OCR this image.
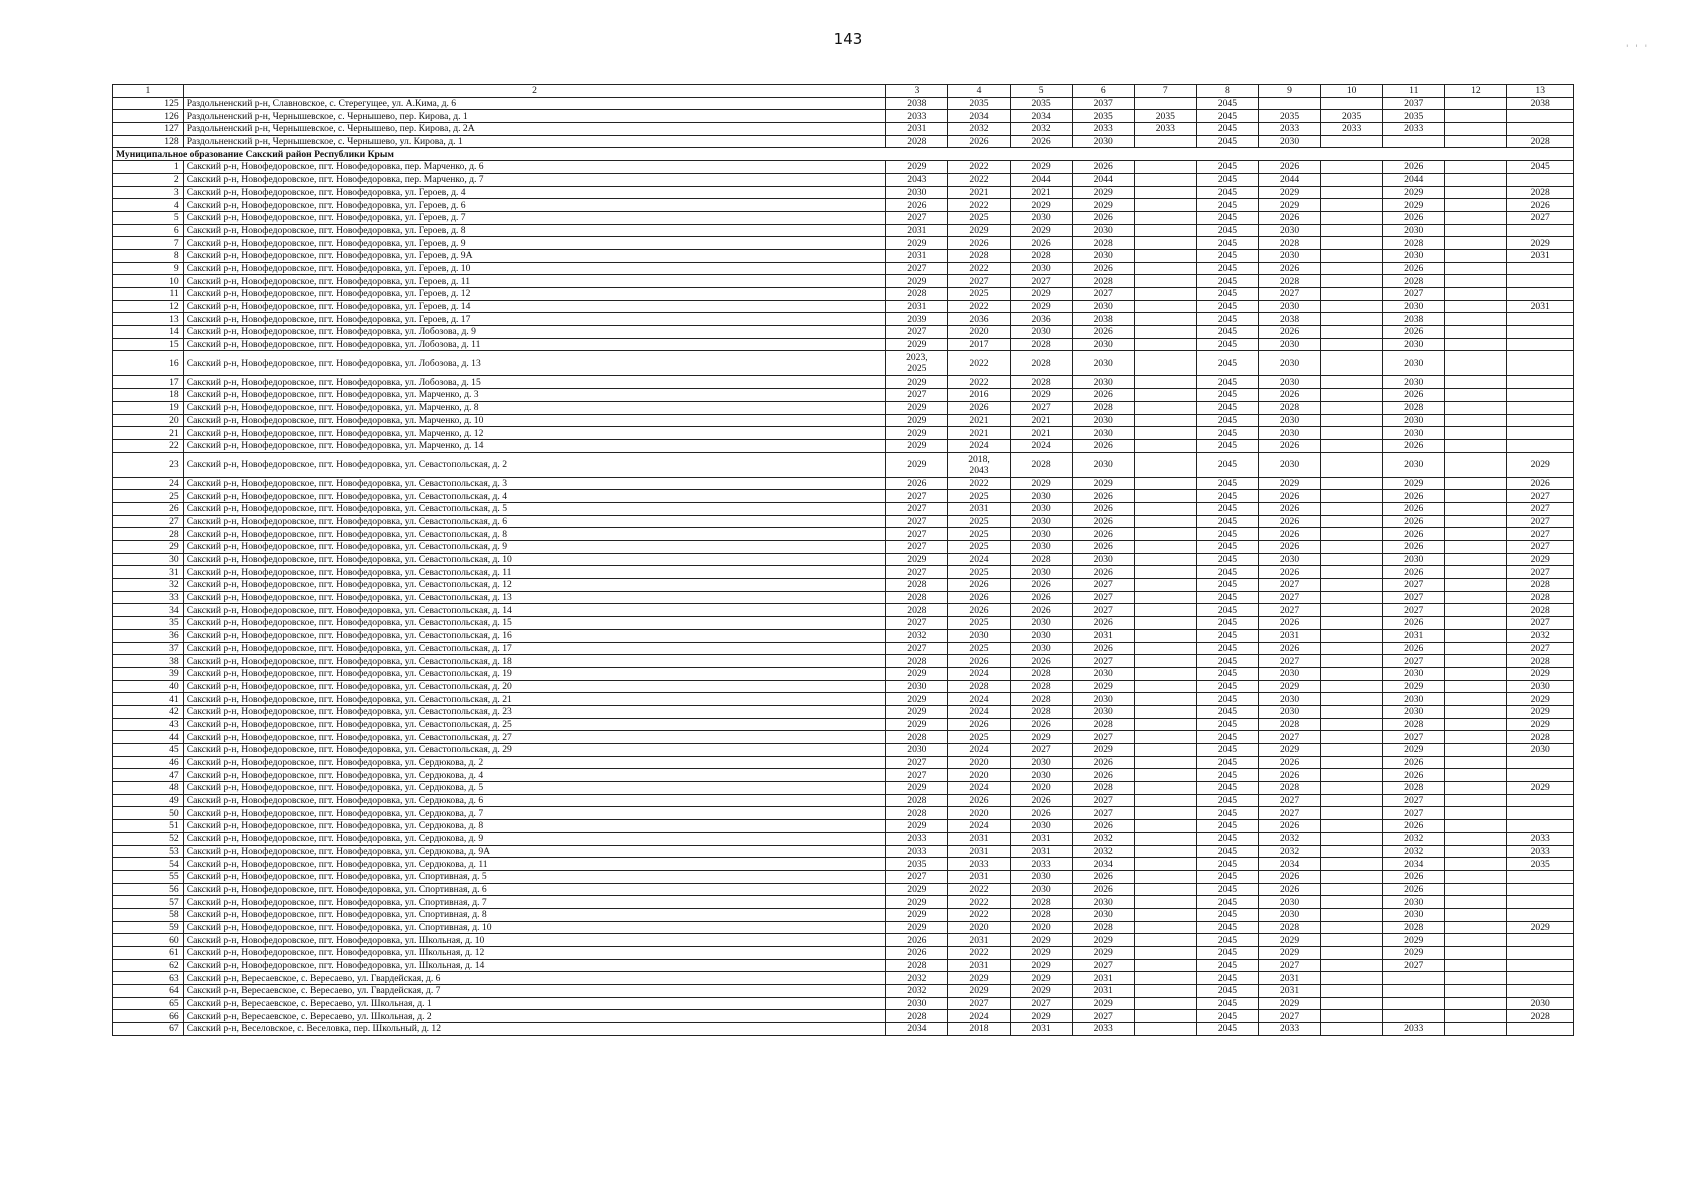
143
' ' '
1	2	3	4	5	6	7	8	9	10	11	12	13
125	Раздольненский р-н, Славновское, с. Стерегущее, ул. А.Кима, д. 6	2038	2035	2035	2037		2045			2037		2038
126	Раздольненский р-н, Чернышевское, с. Чернышево, пер. Кирова, д. 1	2033	2034	2034	2035	2035	2045	2035	2035	2035		
127	Раздольненский р-н, Чернышевское, с. Чернышево, пер. Кирова, д. 2А	2031	2032	2032	2033	2033	2045	2033	2033	2033		
128	Раздольненский р-н, Чернышевское, с. Чернышево, ул. Кирова, д. 1	2028	2026	2026	2030		2045	2030				2028
Муниципальное образование Сакский район Республики Крым												
1	Сакский р-н, Новофедоровское, пгт. Новофедоровка, пер. Марченко, д. 6	2029	2022	2029	2026		2045	2026		2026		2045
2	Сакский р-н, Новофедоровское, пгт. Новофедоровка, пер. Марченко, д. 7	2043	2022	2044	2044		2045	2044		2044		
3	Сакский р-н, Новофедоровское, пгт. Новофедоровка, ул. Героев, д. 4	2030	2021	2021	2029		2045	2029		2029		2028
4	Сакский р-н, Новофедоровское, пгт. Новофедоровка, ул. Героев, д. 6	2026	2022	2029	2029		2045	2029		2029		2026
5	Сакский р-н, Новофедоровское, пгт. Новофедоровка, ул. Героев, д. 7	2027	2025	2030	2026		2045	2026		2026		2027
6	Сакский р-н, Новофедоровское, пгт. Новофедоровка, ул. Героев, д. 8	2031	2029	2029	2030		2045	2030		2030		
7	Сакский р-н, Новофедоровское, пгт. Новофедоровка, ул. Героев, д. 9	2029	2026	2026	2028		2045	2028		2028		2029
8	Сакский р-н, Новофедоровское, пгт. Новофедоровка, ул. Героев, д. 9А	2031	2028	2028	2030		2045	2030		2030		2031
9	Сакский р-н, Новофедоровское, пгт. Новофедоровка, ул. Героев, д. 10	2027	2022	2030	2026		2045	2026		2026		
10	Сакский р-н, Новофедоровское, пгт. Новофедоровка, ул. Героев, д. 11	2029	2027	2027	2028		2045	2028		2028		
11	Сакский р-н, Новофедоровское, пгт. Новофедоровка, ул. Героев, д. 12	2028	2025	2029	2027		2045	2027		2027		
12	Сакский р-н, Новофедоровское, пгт. Новофедоровка, ул. Героев, д. 14	2031	2022	2029	2030		2045	2030		2030		2031
13	Сакский р-н, Новофедоровское, пгт. Новофедоровка, ул. Героев, д. 17	2039	2036	2036	2038		2045	2038		2038		
14	Сакский р-н, Новофедоровское, пгт. Новофедоровка, ул. Лобозова, д. 9	2027	2020	2030	2026		2045	2026		2026		
15	Сакский р-н, Новофедоровское, пгт. Новофедоровка, ул. Лобозова, д. 11	2029	2017	2028	2030		2045	2030		2030		
16	Сакский р-н, Новофедоровское, пгт. Новофедоровка, ул. Лобозова, д. 13	2023,
2025	2022	2028	2030		2045	2030		2030		
17	Сакский р-н, Новофедоровское, пгт. Новофедоровка, ул. Лобозова, д. 15	2029	2022	2028	2030		2045	2030		2030		
18	Сакский р-н, Новофедоровское, пгт. Новофедоровка, ул. Марченко, д. 3	2027	2016	2029	2026		2045	2026		2026		
19	Сакский р-н, Новофедоровское, пгт. Новофедоровка, ул. Марченко, д. 8	2029	2026	2027	2028		2045	2028		2028		
20	Сакский р-н, Новофедоровское, пгт. Новофедоровка, ул. Марченко, д. 10	2029	2021	2021	2030		2045	2030		2030		
21	Сакский р-н, Новофедоровское, пгт. Новофедоровка, ул. Марченко, д. 12	2029	2021	2021	2030		2045	2030		2030		
22	Сакский р-н, Новофедоровское, пгт. Новофедоровка, ул. Марченко, д. 14	2029	2024	2024	2026		2045	2026		2026		
23	Сакский р-н, Новофедоровское, пгт. Новофедоровка, ул. Севастопольская, д. 2	2029	2018,
2043	2028	2030		2045	2030		2030		2029
24	Сакский р-н, Новофедоровское, пгт. Новофедоровка, ул. Севастопольская, д. 3	2026	2022	2029	2029		2045	2029		2029		2026
25	Сакский р-н, Новофедоровское, пгт. Новофедоровка, ул. Севастопольская, д. 4	2027	2025	2030	2026		2045	2026		2026		2027
26	Сакский р-н, Новофедоровское, пгт. Новофедоровка, ул. Севастопольская, д. 5	2027	2031	2030	2026		2045	2026		2026		2027
27	Сакский р-н, Новофедоровское, пгт. Новофедоровка, ул. Севастопольская, д. 6	2027	2025	2030	2026		2045	2026		2026		2027
28	Сакский р-н, Новофедоровское, пгт. Новофедоровка, ул. Севастопольская, д. 8	2027	2025	2030	2026		2045	2026		2026		2027
29	Сакский р-н, Новофедоровское, пгт. Новофедоровка, ул. Севастопольская, д. 9	2027	2025	2030	2026		2045	2026		2026		2027
30	Сакский р-н, Новофедоровское, пгт. Новофедоровка, ул. Севастопольская, д. 10	2029	2024	2028	2030		2045	2030		2030		2029
31	Сакский р-н, Новофедоровское, пгт. Новофедоровка, ул. Севастопольская, д. 11	2027	2025	2030	2026		2045	2026		2026		2027
32	Сакский р-н, Новофедоровское, пгт. Новофедоровка, ул. Севастопольская, д. 12	2028	2026	2026	2027		2045	2027		2027		2028
33	Сакский р-н, Новофедоровское, пгт. Новофедоровка, ул. Севастопольская, д. 13	2028	2026	2026	2027		2045	2027		2027		2028
34	Сакский р-н, Новофедоровское, пгт. Новофедоровка, ул. Севастопольская, д. 14	2028	2026	2026	2027		2045	2027		2027		2028
35	Сакский р-н, Новофедоровское, пгт. Новофедоровка, ул. Севастопольская, д. 15	2027	2025	2030	2026		2045	2026		2026		2027
36	Сакский р-н, Новофедоровское, пгт. Новофедоровка, ул. Севастопольская, д. 16	2032	2030	2030	2031		2045	2031		2031		2032
37	Сакский р-н, Новофедоровское, пгт. Новофедоровка, ул. Севастопольская, д. 17	2027	2025	2030	2026		2045	2026		2026		2027
38	Сакский р-н, Новофедоровское, пгт. Новофедоровка, ул. Севастопольская, д. 18	2028	2026	2026	2027		2045	2027		2027		2028
39	Сакский р-н, Новофедоровское, пгт. Новофедоровка, ул. Севастопольская, д. 19	2029	2024	2028	2030		2045	2030		2030		2029
40	Сакский р-н, Новофедоровское, пгт. Новофедоровка, ул. Севастопольская, д. 20	2030	2028	2028	2029		2045	2029		2029		2030
41	Сакский р-н, Новофедоровское, пгт. Новофедоровка, ул. Севастопольская, д. 21	2029	2024	2028	2030		2045	2030		2030		2029
42	Сакский р-н, Новофедоровское, пгт. Новофедоровка, ул. Севастопольская, д. 23	2029	2024	2028	2030		2045	2030		2030		2029
43	Сакский р-н, Новофедоровское, пгт. Новофедоровка, ул. Севастопольская, д. 25	2029	2026	2026	2028		2045	2028		2028		2029
44	Сакский р-н, Новофедоровское, пгт. Новофедоровка, ул. Севастопольская, д. 27	2028	2025	2029	2027		2045	2027		2027		2028
45	Сакский р-н, Новофедоровское, пгт. Новофедоровка, ул. Севастопольская, д. 29	2030	2024	2027	2029		2045	2029		2029		2030
46	Сакский р-н, Новофедоровское, пгт. Новофедоровка, ул. Сердюкова, д. 2	2027	2020	2030	2026		2045	2026		2026		
47	Сакский р-н, Новофедоровское, пгт. Новофедоровка, ул. Сердюкова, д. 4	2027	2020	2030	2026		2045	2026		2026		
48	Сакский р-н, Новофедоровское, пгт. Новофедоровка, ул. Сердюкова, д. 5	2029	2024	2020	2028		2045	2028		2028		2029
49	Сакский р-н, Новофедоровское, пгт. Новофедоровка, ул. Сердюкова, д. 6	2028	2026	2026	2027		2045	2027		2027		
50	Сакский р-н, Новофедоровское, пгт. Новофедоровка, ул. Сердюкова, д. 7	2028	2020	2026	2027		2045	2027		2027		
51	Сакский р-н, Новофедоровское, пгт. Новофедоровка, ул. Сердюкова, д. 8	2029	2024	2030	2026		2045	2026		2026		
52	Сакский р-н, Новофедоровское, пгт. Новофедоровка, ул. Сердюкова, д. 9	2033	2031	2031	2032		2045	2032		2032		2033
53	Сакский р-н, Новофедоровское, пгт. Новофедоровка, ул. Сердюкова, д. 9А	2033	2031	2031	2032		2045	2032		2032		2033
54	Сакский р-н, Новофедоровское, пгт. Новофедоровка, ул. Сердюкова, д. 11	2035	2033	2033	2034		2045	2034		2034		2035
55	Сакский р-н, Новофедоровское, пгт. Новофедоровка, ул. Спортивная, д. 5	2027	2031	2030	2026		2045	2026		2026		
56	Сакский р-н, Новофедоровское, пгт. Новофедоровка, ул. Спортивная, д. 6	2029	2022	2030	2026		2045	2026		2026		
57	Сакский р-н, Новофедоровское, пгт. Новофедоровка, ул. Спортивная, д. 7	2029	2022	2028	2030		2045	2030		2030		
58	Сакский р-н, Новофедоровское, пгт. Новофедоровка, ул. Спортивная, д. 8	2029	2022	2028	2030		2045	2030		2030		
59	Сакский р-н, Новофедоровское, пгт. Новофедоровка, ул. Спортивная, д. 10	2029	2020	2020	2028		2045	2028		2028		2029
60	Сакский р-н, Новофедоровское, пгт. Новофедоровка, ул. Школьная, д. 10	2026	2031	2029	2029		2045	2029		2029		
61	Сакский р-н, Новофедоровское, пгт. Новофедоровка, ул. Школьная, д. 12	2026	2022	2029	2029		2045	2029		2029		
62	Сакский р-н, Новофедоровское, пгт. Новофедоровка, ул. Школьная, д. 14	2028	2031	2029	2027		2045	2027		2027		
63	Сакский р-н, Вересаевское, с. Вересаево, ул. Гвардейская, д. 6	2032	2029	2029	2031		2045	2031				
64	Сакский р-н, Вересаевское, с. Вересаево, ул. Гвардейская, д. 7	2032	2029	2029	2031		2045	2031				
65	Сакский р-н, Вересаевское, с. Вересаево, ул. Школьная, д. 1	2030	2027	2027	2029		2045	2029				2030
66	Сакский р-н, Вересаевское, с. Вересаево, ул. Школьная, д. 2	2028	2024	2029	2027		2045	2027				2028
67	Сакский р-н, Веселовское, с. Веселовка, пер. Школьный, д. 12	2034	2018	2031	2033		2045	2033		2033		
